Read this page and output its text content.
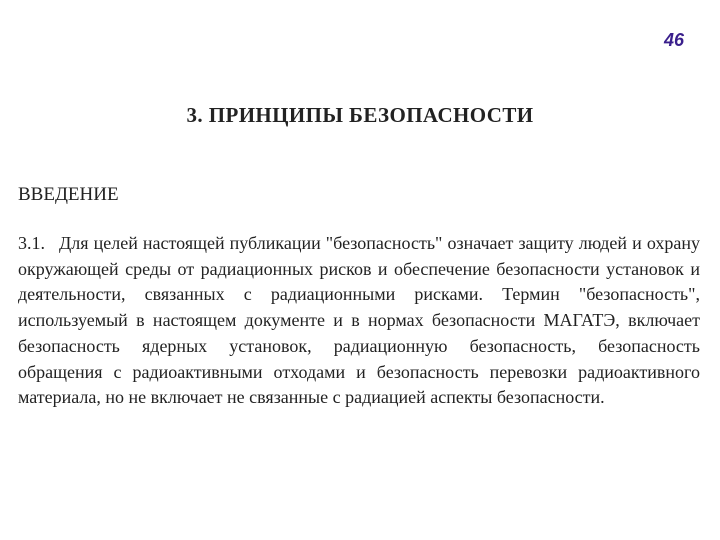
46
3. ПРИНЦИПЫ БЕЗОПАСНОСТИ
ВВЕДЕНИЕ

3.1. Для целей настоящей публикации "безопасность" означает защиту людей и охрану окружающей среды от радиационных рисков и обеспечение безопасности установок и деятельности, связанных с радиационными рисками. Термин "безопасность", используемый в настоящем документе и в нормах безопасности МАГАТЭ, включает безопасность ядерных установок, радиационную безопасность, безопасность обращения с радиоактивными отходами и безопасность перевозки радиоактивного материала, но не включает не связанные с радиацией аспекты безопасности.
